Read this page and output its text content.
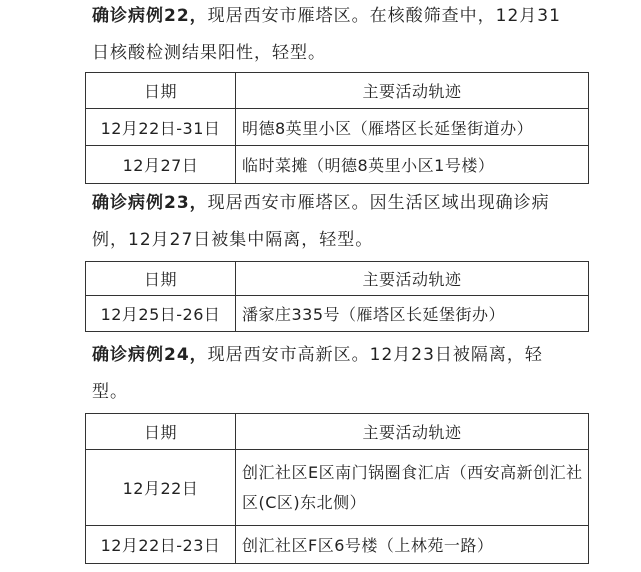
确诊病例22，现居西安市雁塔区。在核酸筛查中，12月31
日核酸检测结果阳性，轻型。
日期	主要活动轨迹
12月22日-31日	明德8英里小区（雁塔区长延堡街道办）
12月27日	临时菜摊（明德8英里小区1号楼）
确诊病例23，现居西安市雁塔区。因生活区域出现确诊病
例，12月27日被集中隔离，轻型。
日期	主要活动轨迹
12月25日-26日	潘家庄335号（雁塔区长延堡街办）
确诊病例24，现居西安市高新区。12月23日被隔离，轻
型。
日期	主要活动轨迹
12月22日	创汇社区E区南门锅圈食汇店（西安高新创汇社区(C区)东北侧）
12月22日-23日	创汇社区F区6号楼（上林苑一路）
